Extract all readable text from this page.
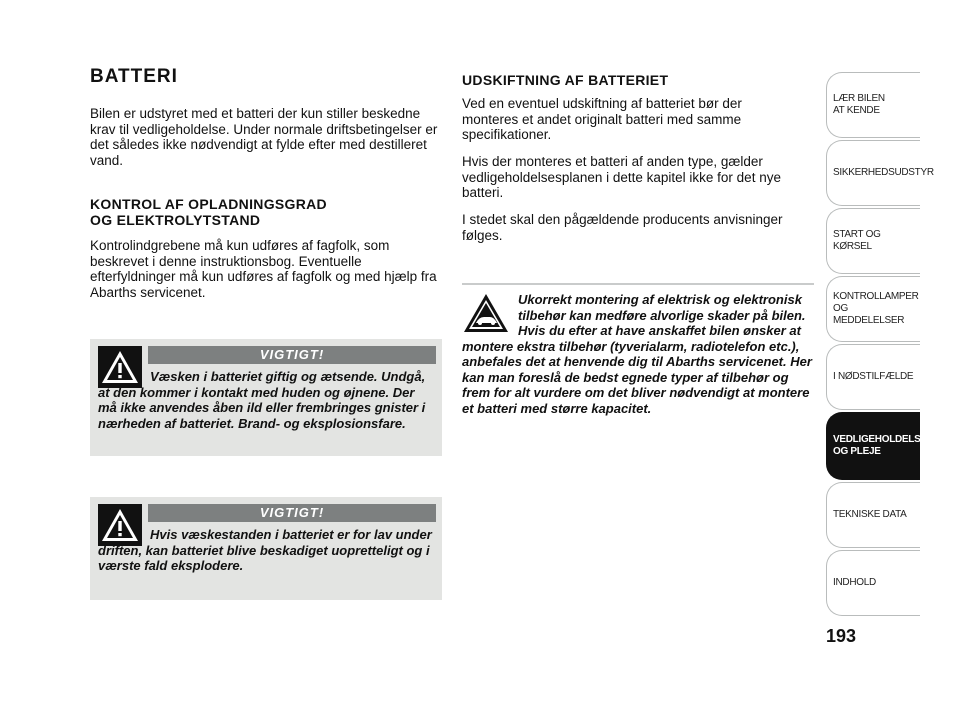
BATTERI

Bilen er udstyret med et batteri der kun stiller beskedne krav til vedligeholdelse. Under normale driftsbetingelser er det således ikke nødvendigt at fylde efter med destilleret vand.

KONTROL AF OPLADNINGSGRAD
OG ELEKTROLYTSTAND

Kontrolindgrebene må kun udføres af fagfolk, som beskrevet i denne instruktionsbog. Eventuelle efterfyldninger må kun udføres af fagfolk og med hjælp fra Abarths servicenet.

VIGTIGT!
Væsken i batteriet giftig og ætsende. Undgå, at den kommer i kontakt med huden og øjnene. Der må ikke anvendes åben ild eller frembringes gnister i nærheden af batteriet. Brand- og eksplosionsfare.
VIGTIGT!
Hvis væskestanden i batteriet er for lav under driften, kan batteriet blive beskadiget uopretteligt og i værste fald eksplodere.
UDSKIFTNING AF BATTERIET

Ved en eventuel udskiftning af batteriet bør der monteres et andet originalt batteri med samme specifikationer.

Hvis der monteres et batteri af anden type, gælder vedligeholdelsesplanen i dette kapitel ikke for det nye batteri.

I stedet skal den pågældende producents anvisninger følges.

Ukorrekt montering af elektrisk og elektronisk tilbehør kan medføre alvorlige skader på bilen. Hvis du efter at have anskaffet bilen ønsker at montere ekstra tilbehør (tyverialarm, radiotelefon etc.), anbefales det at henvende dig til Abarths servicenet. Her kan man foreslå de bedst egnede typer af tilbehør og frem for alt vurdere om det bliver nødvendigt at montere et batteri med større kapacitet.
LÆR BILEN
AT KENDE
SIKKERHEDSUDSTYR
START OG KØRSEL
KONTROLLAMPER
OG MEDDELELSER
I NØDSTILFÆLDE
VEDLIGEHOLDELSE
OG PLEJE
TEKNISKE DATA
INDHOLD
193
